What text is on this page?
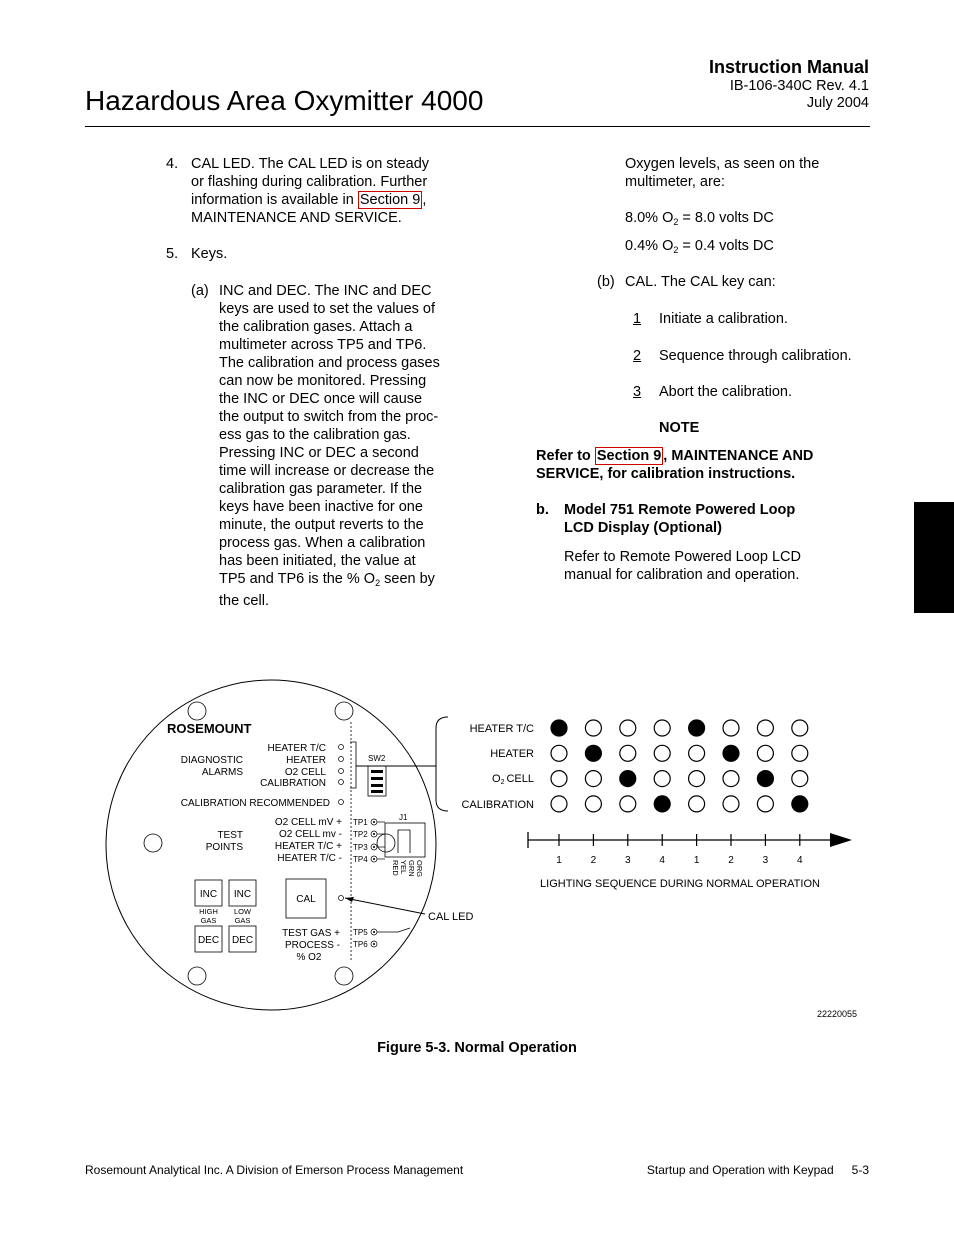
Hazardous Area Oxymitter 4000
Instruction Manual
IB-106-340C Rev. 4.1
July 2004
4. CAL LED. The CAL LED is on steady
or flashing during calibration. Further
information is available in Section 9 ,
MAINTENANCE AND SERVICE.
5. Keys.
(a) INC and DEC. The INC and DEC
keys are used to set the values of
the calibration gases. Attach a
multimeter across TP5 and TP6.
The calibration and process gases
can now be monitored. Pressing
the INC or DEC once will cause
the output to switch from the proc-
ess gas to the calibration gas.
Pressing INC or DEC a second
time will increase or decrease the
calibration gas parameter. If the
keys have been inactive for one
minute, the output reverts to the
process gas. When a calibration
has been initiated, the value at
TP5 and TP6 is the % $O_2$ seen by
the cell.
Oxygen levels, as seen on the
multimeter, are:
8.0% $O_2 = 8.0$ volts DC
0.4% $O_2 = 0.4$ volts DC
(b) CAL. The CAL key can:
1 Initiate a calibration.
2 Sequence through calibration.
3 Abort the calibration.
NOTE
Refer to Section 9 , MAINTENANCE AND
SERVICE, for calibration instructions.
b. Model 751 Remote Powered Loop
LCD Display (Optional)
Refer to Remote Powered Loop LCD
manual for calibration and operation.
ROSEMOUNT
DIAGNOSTIC
ALARMS
HEATER T/C
HEATER
O2 CELL
CALIBRATION
SW2
CALIBRATION RECOMMENDED
TEST
POINTS
O2 CELL mV +
O2 CELL mv -
HEATER T/C +
HEATER T/C -
TP1
TP2
TP3
TP4
J1
RED YEL GRN ORG
INC INC
HIGH
GAS
LOW
GAS
DEC DEC
CAL
TEST GAS +
PROCESS -
% O2
TP5
TP6
CAL LED
HEATER T/C
HEATER
O2 CELL
CALIBRATION
1	2	3	4	1	2	3	4
LIGHTING SEQUENCE DURING NORMAL OPERATION
22220055
Figure 5-3. Normal Operation
Rosemount Analytical Inc. A Division of Emerson Process Management	Startup and Operation with Keypad 5-3
